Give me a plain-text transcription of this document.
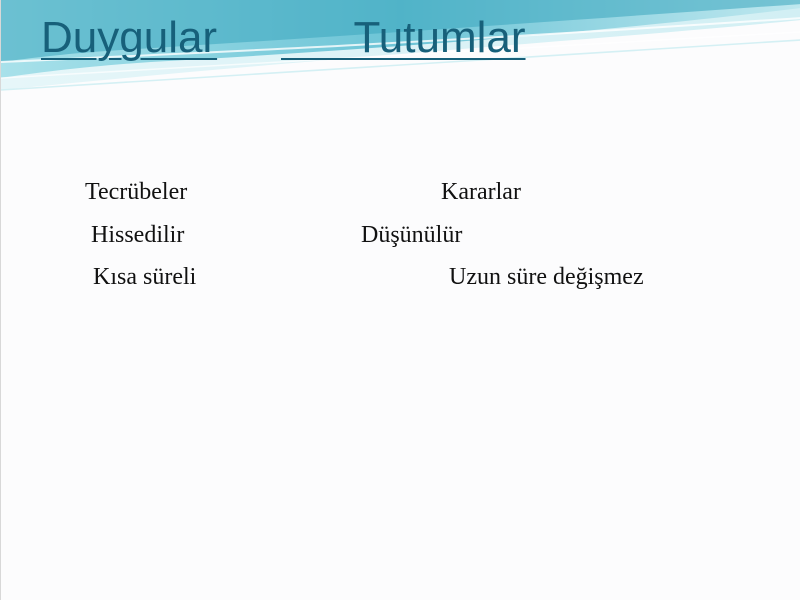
Duygular Tutumlar
Tecrübeler	Kararlar
Hissedilir	Düşünülür
Kısa süreli	Uzun süre değişmez
